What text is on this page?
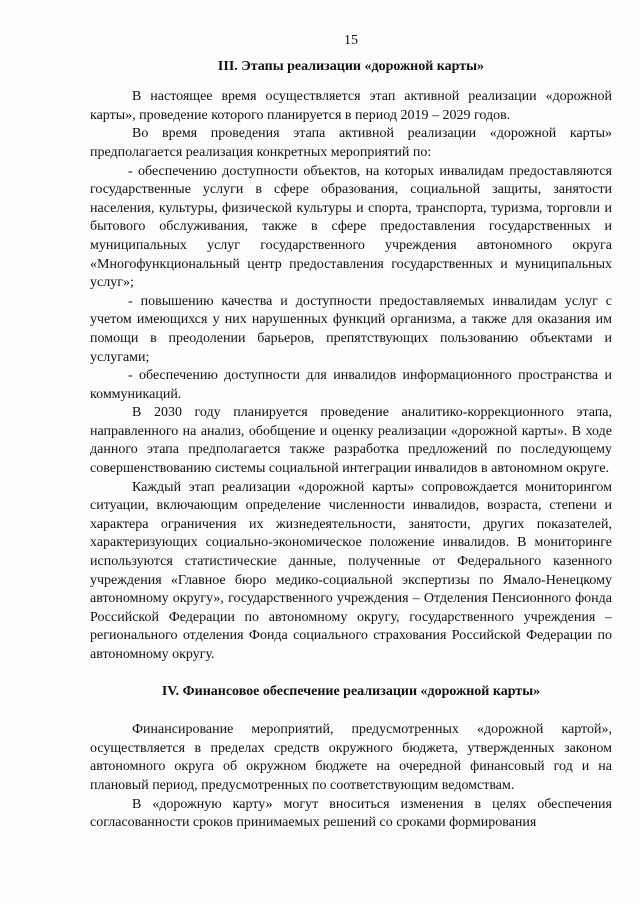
15
III. Этапы реализации «дорожной карты»

В настоящее время осуществляется этап активной реализации «дорожной карты», проведение которого планируется в период 2019 – 2029 годов.

Во время проведения этапа активной реализации «дорожной карты» предполагается реализация конкретных мероприятий по:

- обеспечению доступности объектов, на которых инвалидам предоставляются государственные услуги в сфере образования, социальной защиты, занятости населения, культуры, физической культуры и спорта, транспорта, туризма, торговли и бытового обслуживания, также в сфере предоставления государственных и муниципальных услуг государственного учреждения автономного округа «Многофункциональный центр предоставления государственных и муниципальных услуг»;

- повышению качества и доступности предоставляемых инвалидам услуг с учетом имеющихся у них нарушенных функций организма, а также для оказания им помощи в преодолении барьеров, препятствующих пользованию объектами и услугами;

- обеспечению доступности для инвалидов информационного пространства и коммуникаций.

В 2030 году планируется проведение аналитико-коррекционного этапа, направленного на анализ, обобщение и оценку реализации «дорожной карты». В ходе данного этапа предполагается также разработка предложений по последующему совершенствованию системы социальной интеграции инвалидов в автономном округе.

Каждый этап реализации «дорожной карты» сопровождается мониторингом ситуации, включающим определение численности инвалидов, возраста, степени и характера ограничения их жизнедеятельности, занятости, других показателей, характеризующих социально-экономическое положение инвалидов. В мониторинге используются статистические данные, полученные от Федерального казенного учреждения «Главное бюро медико-социальной экспертизы по Ямало-Ненецкому автономному округу», государственного учреждения – Отделения Пенсионного фонда Российской Федерации по автономному округу, государственного учреждения – регионального отделения Фонда социального страхования Российской Федерации по автономному округу.

IV. Финансовое обеспечение реализации «дорожной карты»

Финансирование мероприятий, предусмотренных «дорожной картой», осуществляется в пределах средств окружного бюджета, утвержденных законом автономного округа об окружном бюджете на очередной финансовый год и на плановый период, предусмотренных по соответствующим ведомствам.

В «дорожную карту» могут вноситься изменения в целях обеспечения согласованности сроков принимаемых решений со сроками формирования
